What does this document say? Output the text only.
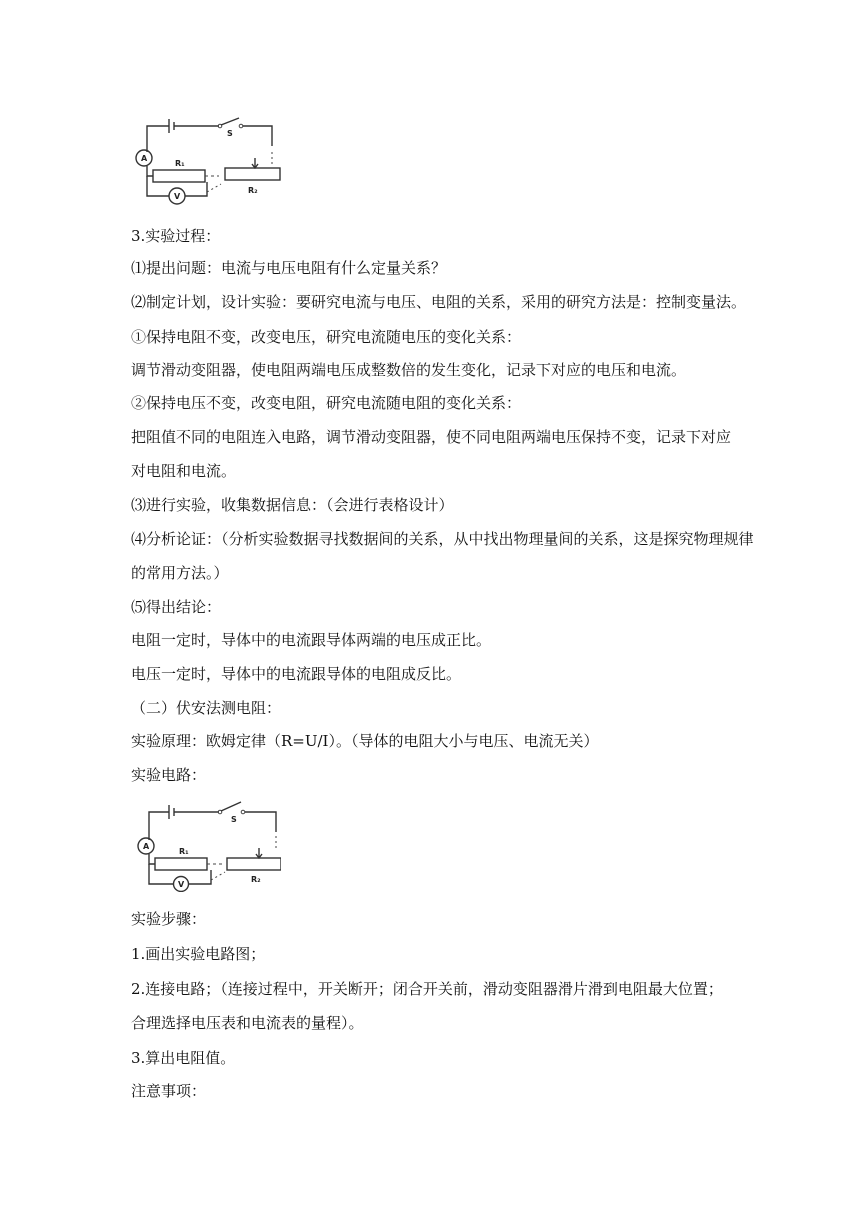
S
A
R₁
R₂
V

3.实验过程：

⑴提出问题：电流与电压电阻有什么定量关系？

⑵制定计划，设计实验：要研究电流与电压、电阻的关系，采用的研究方法是：控制变量法。

①保持电阻不变，改变电压，研究电流随电压的变化关系：

调节滑动变阻器，使电阻两端电压成整数倍的发生变化，记录下对应的电压和电流。

②保持电压不变，改变电阻，研究电流随电阻的变化关系：

把阻值不同的电阻连入电路，调节滑动变阻器，使不同电阻两端电压保持不变，记录下对应

对电阻和电流。

⑶进行实验，收集数据信息：（会进行表格设计）

⑷分析论证：（分析实验数据寻找数据间的关系，从中找出物理量间的关系，这是探究物理规律

的常用方法。）

⑸得出结论：

电阻一定时，导体中的电流跟导体两端的电压成正比。

电压一定时，导体中的电流跟导体的电阻成反比。

（二）伏安法测电阻：

实验原理：欧姆定律（R=U/I）。（导体的电阻大小与电压、电流无关）

实验电路：

S
A
R₁
R₂
V

实验步骤：

1.画出实验电路图；

2.连接电路；（连接过程中，开关断开；闭合开关前，滑动变阻器滑片滑到电阻最大位置；

合理选择电压表和电流表的量程）。

3.算出电阻值。

注意事项：
